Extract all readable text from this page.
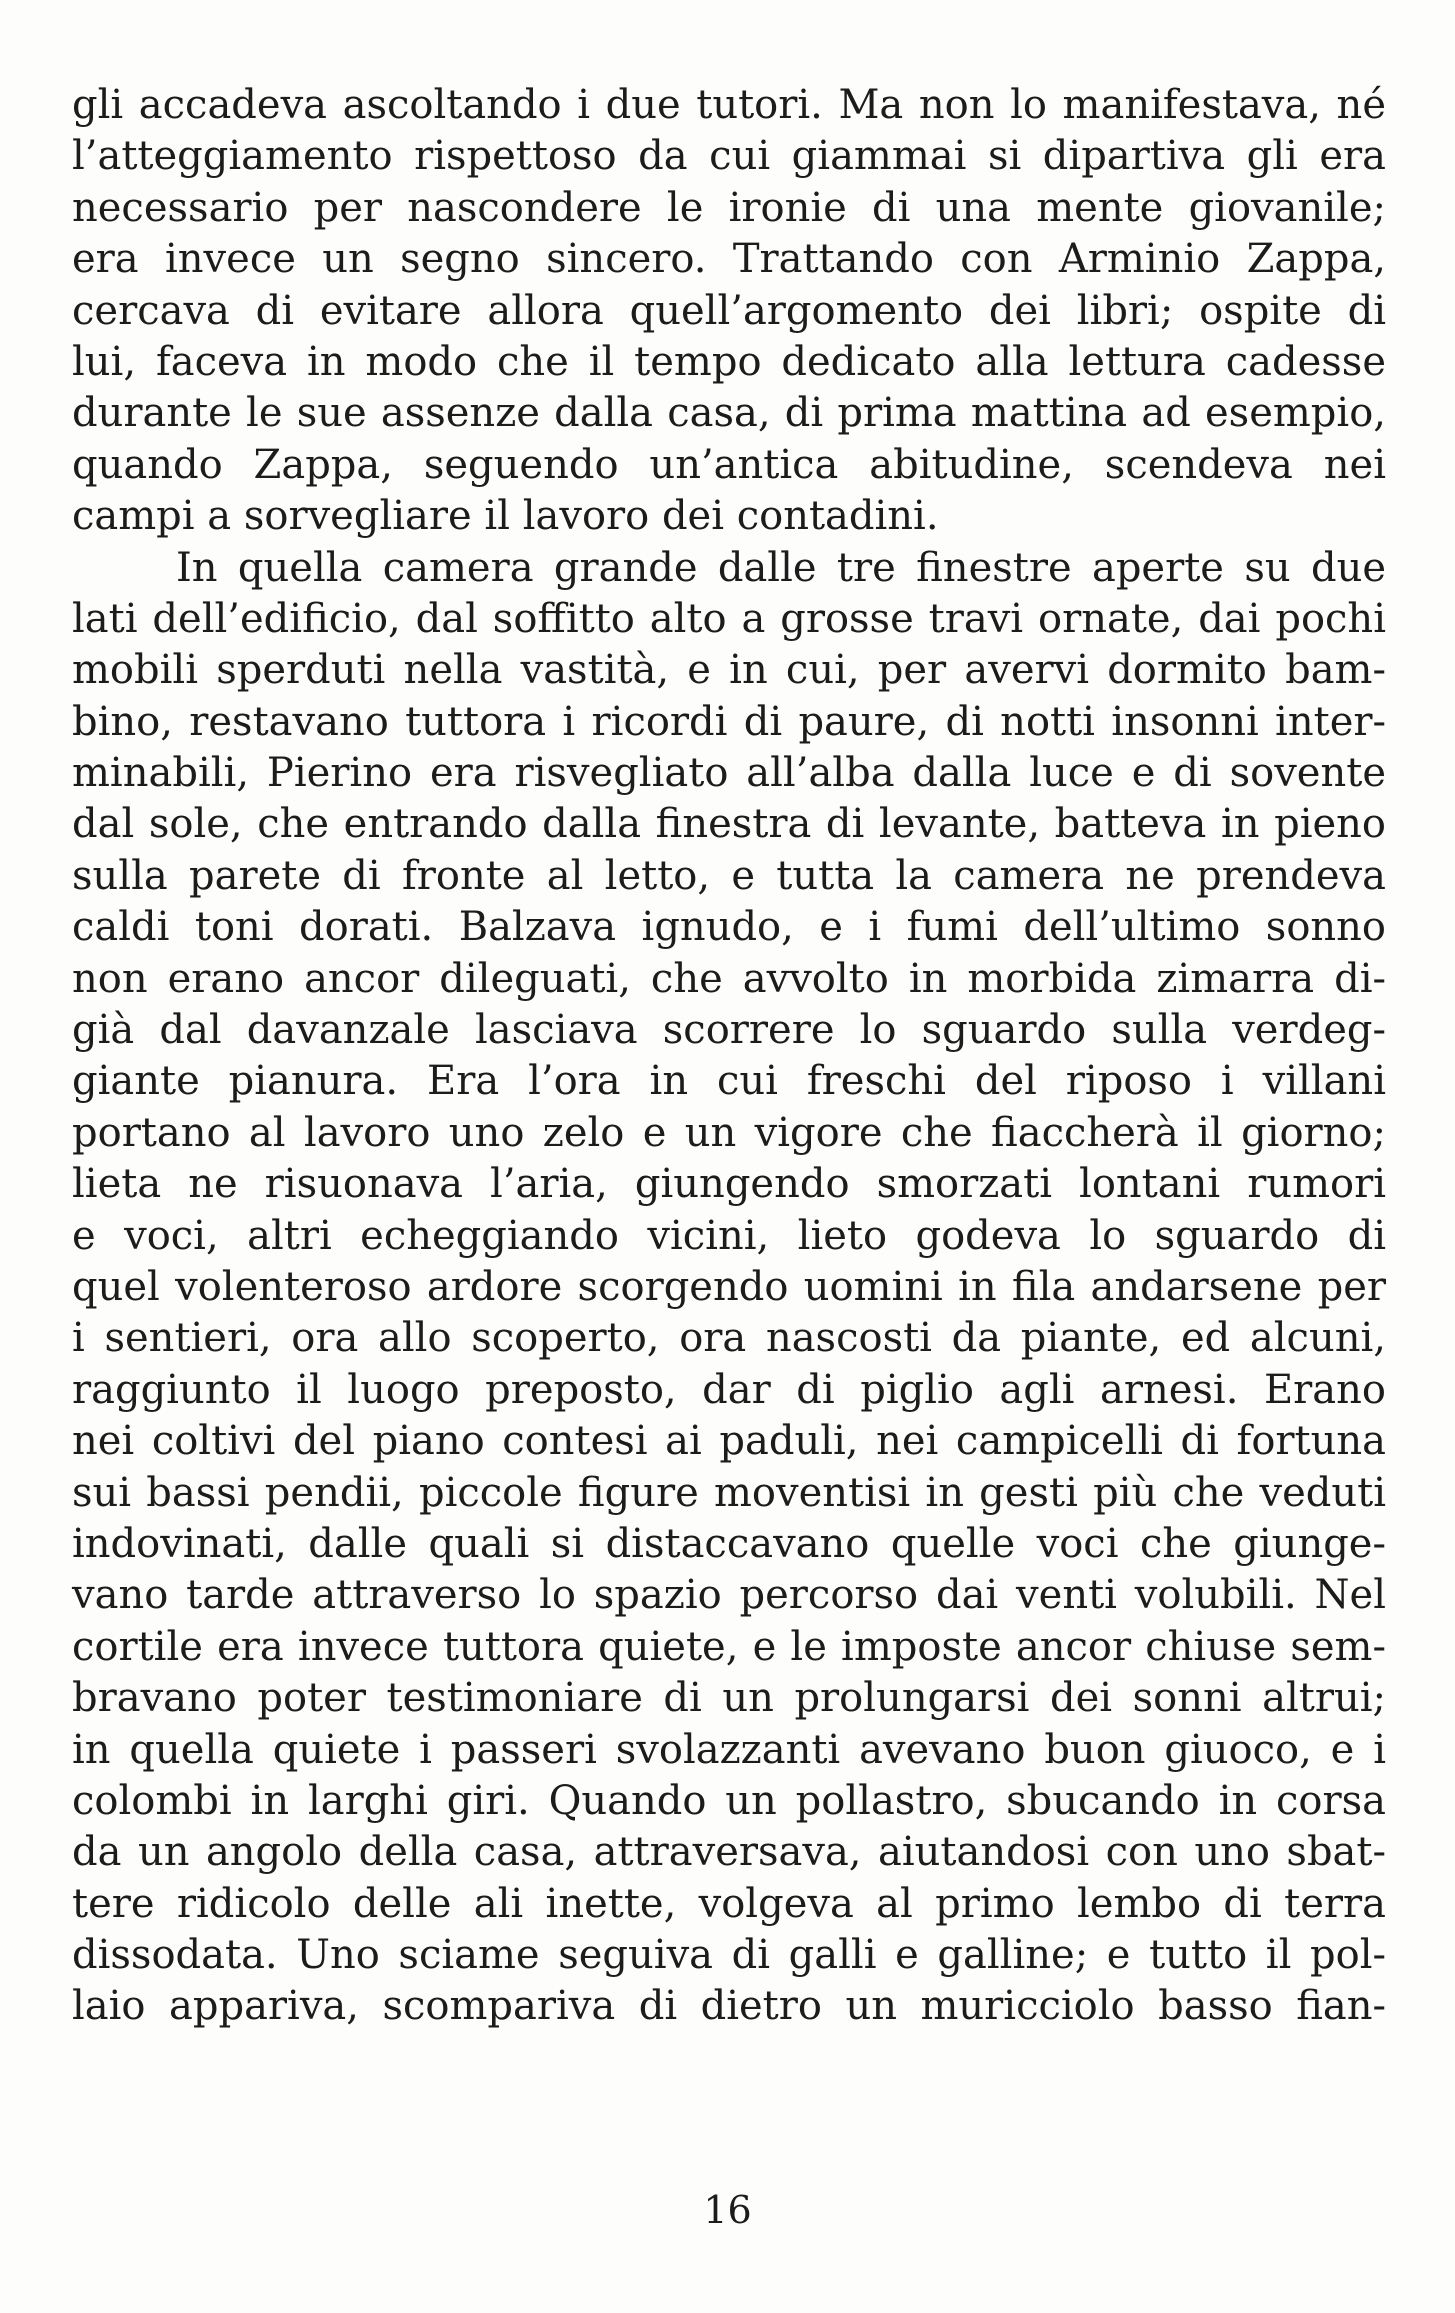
gli accadeva ascoltando i due tutori. Ma non lo manifestava, né
l’atteggiamento rispettoso da cui giammai si dipartiva gli era
necessario per nascondere le ironie di una mente giovanile;
era invece un segno sincero. Trattando con Arminio Zappa,
cercava di evitare allora quell’argomento dei libri; ospite di
lui, faceva in modo che il tempo dedicato alla lettura cadesse
durante le sue assenze dalla casa, di prima mattina ad esempio,
quando Zappa, seguendo un’antica abitudine, scendeva nei
campi a sorvegliare il lavoro dei contadini.
In quella camera grande dalle tre finestre aperte su due
lati dell’edificio, dal soffitto alto a grosse travi ornate, dai pochi
mobili sperduti nella vastità, e in cui, per avervi dormito bam-
bino, restavano tuttora i ricordi di paure, di notti insonni inter-
minabili, Pierino era risvegliato all’alba dalla luce e di sovente
dal sole, che entrando dalla finestra di levante, batteva in pieno
sulla parete di fronte al letto, e tutta la camera ne prendeva
caldi toni dorati. Balzava ignudo, e i fumi dell’ultimo sonno
non erano ancor dileguati, che avvolto in morbida zimarra di-
già dal davanzale lasciava scorrere lo sguardo sulla verdeg-
giante pianura. Era l’ora in cui freschi del riposo i villani
portano al lavoro uno zelo e un vigore che fiaccherà il giorno;
lieta ne risuonava l’aria, giungendo smorzati lontani rumori
e voci, altri echeggiando vicini, lieto godeva lo sguardo di
quel volenteroso ardore scorgendo uomini in fila andarsene per
i sentieri, ora allo scoperto, ora nascosti da piante, ed alcuni,
raggiunto il luogo preposto, dar di piglio agli arnesi. Erano
nei coltivi del piano contesi ai paduli, nei campicelli di fortuna
sui bassi pendii, piccole figure moventisi in gesti più che veduti
indovinati, dalle quali si distaccavano quelle voci che giunge-
vano tarde attraverso lo spazio percorso dai venti volubili. Nel
cortile era invece tuttora quiete, e le imposte ancor chiuse sem-
bravano poter testimoniare di un prolungarsi dei sonni altrui;
in quella quiete i passeri svolazzanti avevano buon giuoco, e i
colombi in larghi giri. Quando un pollastro, sbucando in corsa
da un angolo della casa, attraversava, aiutandosi con uno sbat-
tere ridicolo delle ali inette, volgeva al primo lembo di terra
dissodata. Uno sciame seguiva di galli e galline; e tutto il pol-
laio appariva, scompariva di dietro un muricciolo basso fian-
16
